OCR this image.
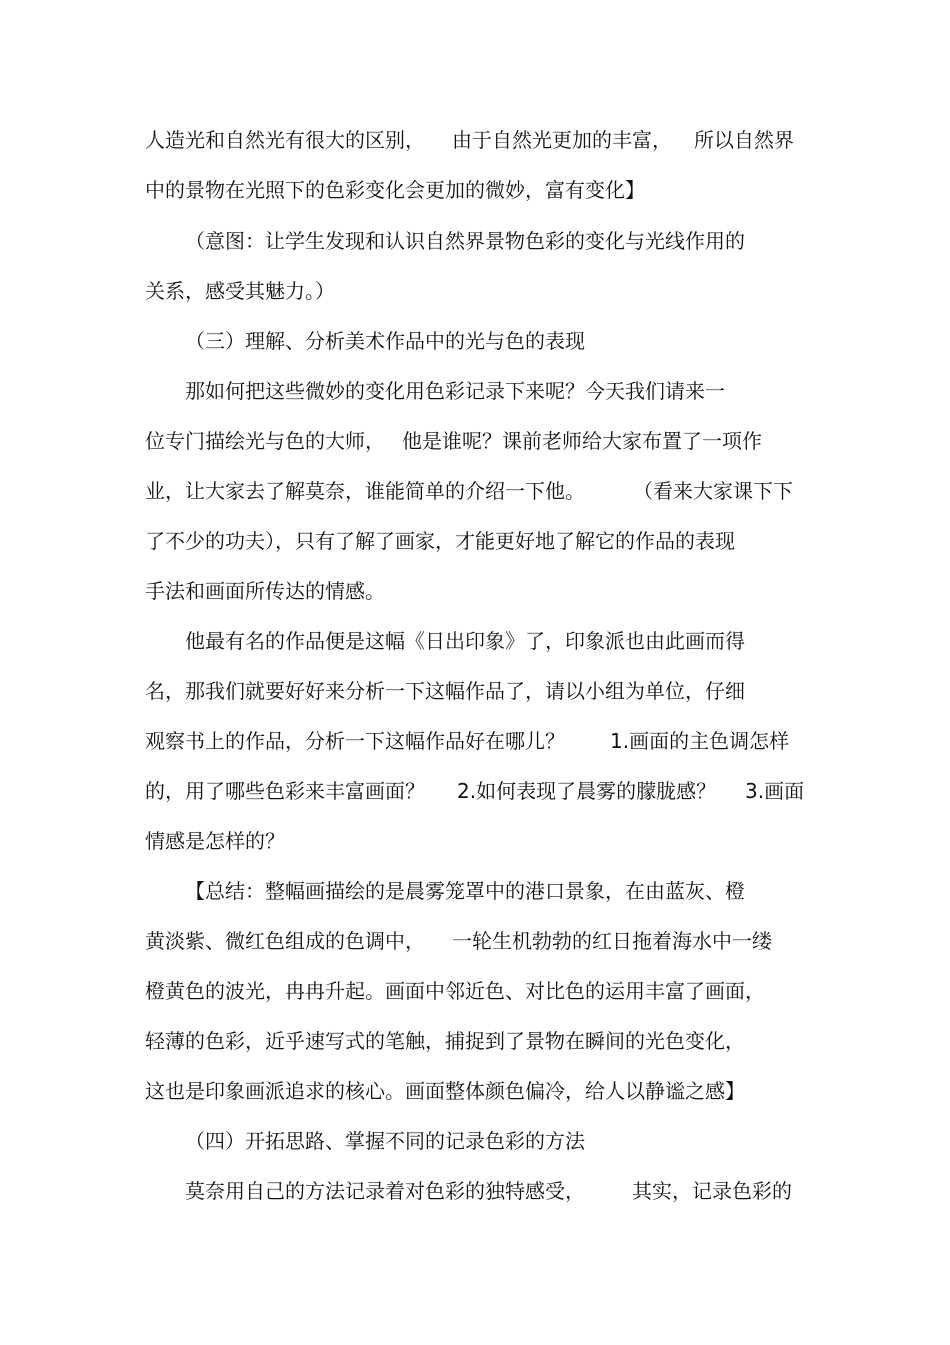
人造光和自然光有很大的区别，

由于自然光更加的丰富，

所以自然界

中的景物在光照下的色彩变化会更加的微妙，富有变化】

（意图：让学生发现和认识自然界景物色彩的变化与光线作用的

关系，感受其魅力。）

（三）理解、分析美术作品中的光与色的表现

那如何把这些微妙的变化用色彩记录下来呢？今天我们请来一

位专门描绘光与色的大师，

他是谁呢？课前老师给大家布置了一项作

业，让大家去了解莫奈，谁能简单的介绍一下他。

（看来大家课下下

了不少的功夫），只有了解了画家，才能更好地了解它的作品的表现

手法和画面所传达的情感。

他最有名的作品便是这幅《日出印象》了，印象派也由此画而得

名，那我们就要好好来分析一下这幅作品了，请以小组为单位，仔细

观察书上的作品，分析一下这幅作品好在哪儿？

1.画面的主色调怎样

的，用了哪些色彩来丰富画面？

2.如何表现了晨雾的朦胧感？

3.画面

情感是怎样的？

【总结：整幅画描绘的是晨雾笼罩中的港口景象，在由蓝灰、橙

黄淡紫、微红色组成的色调中，

一轮生机勃勃的红日拖着海水中一缕

橙黄色的波光，冉冉升起。画面中邻近色、对比色的运用丰富了画面，

轻薄的色彩，近乎速写式的笔触，捕捉到了景物在瞬间的光色变化，

这也是印象画派追求的核心。画面整体颜色偏冷，给人以静谧之感】

（四）开拓思路、掌握不同的记录色彩的方法

莫奈用自己的方法记录着对色彩的独特感受，

其实，记录色彩的
